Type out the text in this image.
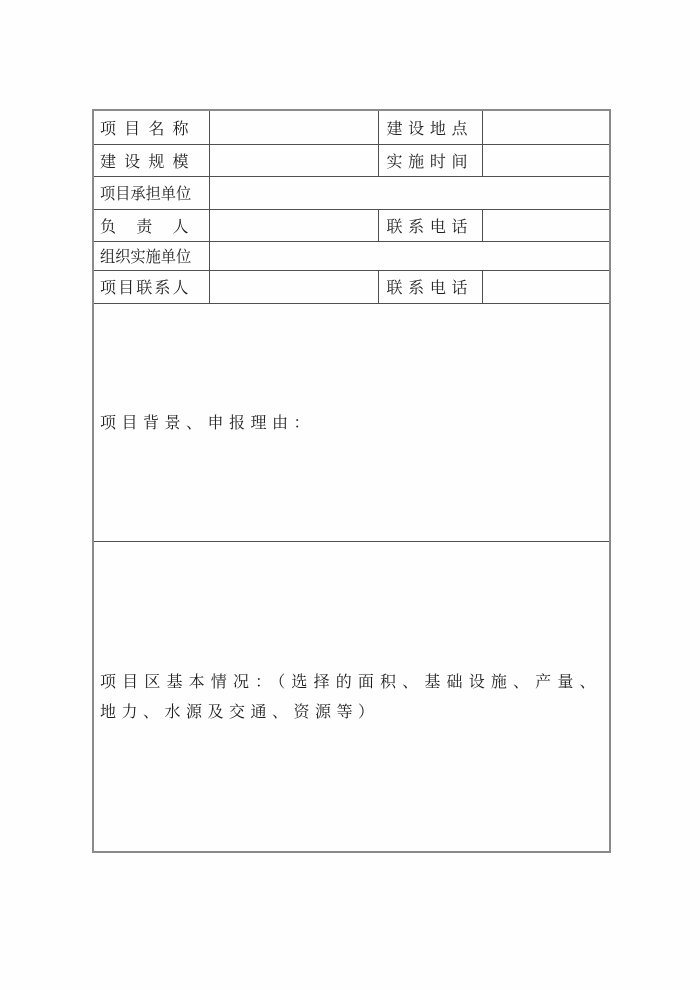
项目名称		建设地点	
建设规模		实施时间	
项目承担单位			
负责人		联系电话	
组织实施单位			
项目联系人		联系电话	
项目背景、申报理由：			
项目区基本情况：（选择的面积、基础设施、产量、地力、水源及交通、资源等）			
